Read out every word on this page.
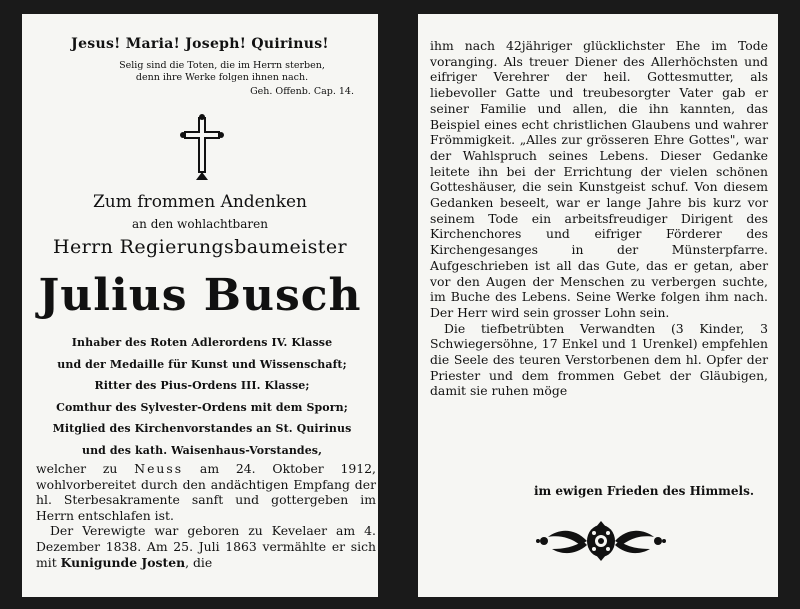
Jesus! Maria! Joseph! Quirinus!
Selig sind die Toten, die im Herrn sterben,
denn ihre Werke folgen ihnen nach.
Geh. Offenb. Cap. 14.
Zum frommen Andenken
an den wohlachtbaren
Herrn Regierungsbaumeister
Julius Busch
Inhaber des Roten Adlerordens IV. Klasse
und der Medaille für Kunst und Wissenschaft;
Ritter des Pius-Ordens III. Klasse;
Comthur des Sylvester-Ordens mit dem Sporn;
Mitglied des Kirchenvorstandes an St. Quirinus
und des kath. Waisenhaus-Vorstandes,

welcher zu Neuss am 24. Oktober 1912, wohlvorbereitet durch den andächtigen Empfang der hl. Sterbesakramente sanft und gottergeben im Herrn entschlafen ist.

Der Verewigte war geboren zu Kevelaer am 4. Dezember 1838. Am 25. Juli 1863 vermählte er sich mit Kunigunde Josten, die

ihm nach 42jähriger glücklichster Ehe im Tode voranging. Als treuer Diener des Allerhöchsten und eifriger Verehrer der heil. Gottesmutter, als liebevoller Gatte und treubesorgter Vater gab er seiner Familie und allen, die ihn kannten, das Beispiel eines echt christlichen Glaubens und wahrer Frömmigkeit. „Alles zur grösseren Ehre Gottes", war der Wahlspruch seines Lebens. Dieser Gedanke leitete ihn bei der Errichtung der vielen schönen Gotteshäuser, die sein Kunstgeist schuf. Von diesem Gedanken beseelt, war er lange Jahre bis kurz vor seinem Tode ein arbeitsfreudiger Dirigent des Kirchenchores und eifriger Förderer des Kirchengesanges in der Münsterpfarre. Aufgeschrieben ist all das Gute, das er getan, aber vor den Augen der Menschen zu verbergen suchte, im Buche des Lebens. Seine Werke folgen ihm nach. Der Herr wird sein grosser Lohn sein.

Die tiefbetrübten Verwandten (3 Kinder, 3 Schwiegersöhne, 17 Enkel und 1 Urenkel) empfehlen die Seele des teuren Verstorbenen dem hl. Opfer der Priester und dem frommen Gebet der Gläubigen, damit sie ruhen möge

im ewigen Frieden des Himmels.
